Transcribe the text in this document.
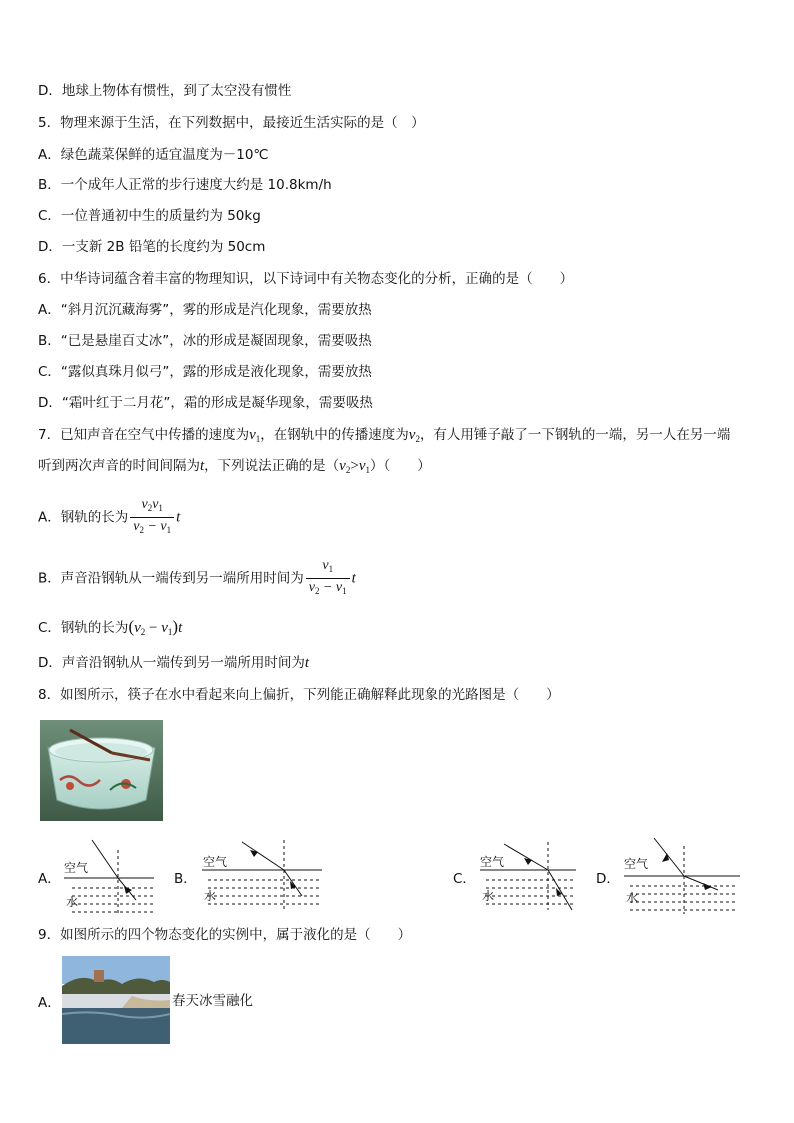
D．地球上物体有惯性，到了太空没有惯性
5．物理来源于生活，在下列数据中，最接近生活实际的是（　）
A．绿色蔬菜保鲜的适宜温度为－10℃
B．一个成年人正常的步行速度大约是 10.8km/h
C．一位普通初中生的质量约为 50kg
D．一支新 2B 铅笔的长度约为 50cm
6．中华诗词蕴含着丰富的物理知识，以下诗词中有关物态变化的分析，正确的是（　　）
A．“斜月沉沉藏海雾”，雾的形成是汽化现象，需要放热
B．“已是悬崖百丈冰”，冰的形成是凝固现象，需要吸热
C．“露似真珠月似弓”，露的形成是液化现象，需要放热
D．“霜叶红于二月花”，霜的形成是凝华现象，需要吸热
7．已知声音在空气中传播的速度为$v_1$，在钢轨中的传播速度为$v_2$，有人用锤子敲了一下钢轨的一端，另一人在另一端
听到两次声音的时间间隔为t，下列说法正确的是$(v_2>v_1)$（　　）
A．钢轨的长为 $\frac{v_2v_1}{v_2 - v_1}$ t
B．声音沿钢轨从一端传到另一端所用时间为 $\frac{v_1}{v_2 - v_1}$ t
C．钢轨的长为$(v_2 - v_1)t$
D．声音沿钢轨从一端传到另一端所用时间为t
8．如图所示，筷子在水中看起来向上偏折，下列能正确解释此现象的光路图是（　　）
A．
空气
水
B．
空气
水
C．
空气
水
D．
空气
水
9．如图所示的四个物态变化的实例中，属于液化的是（　　）
A．	春天冰雪融化
